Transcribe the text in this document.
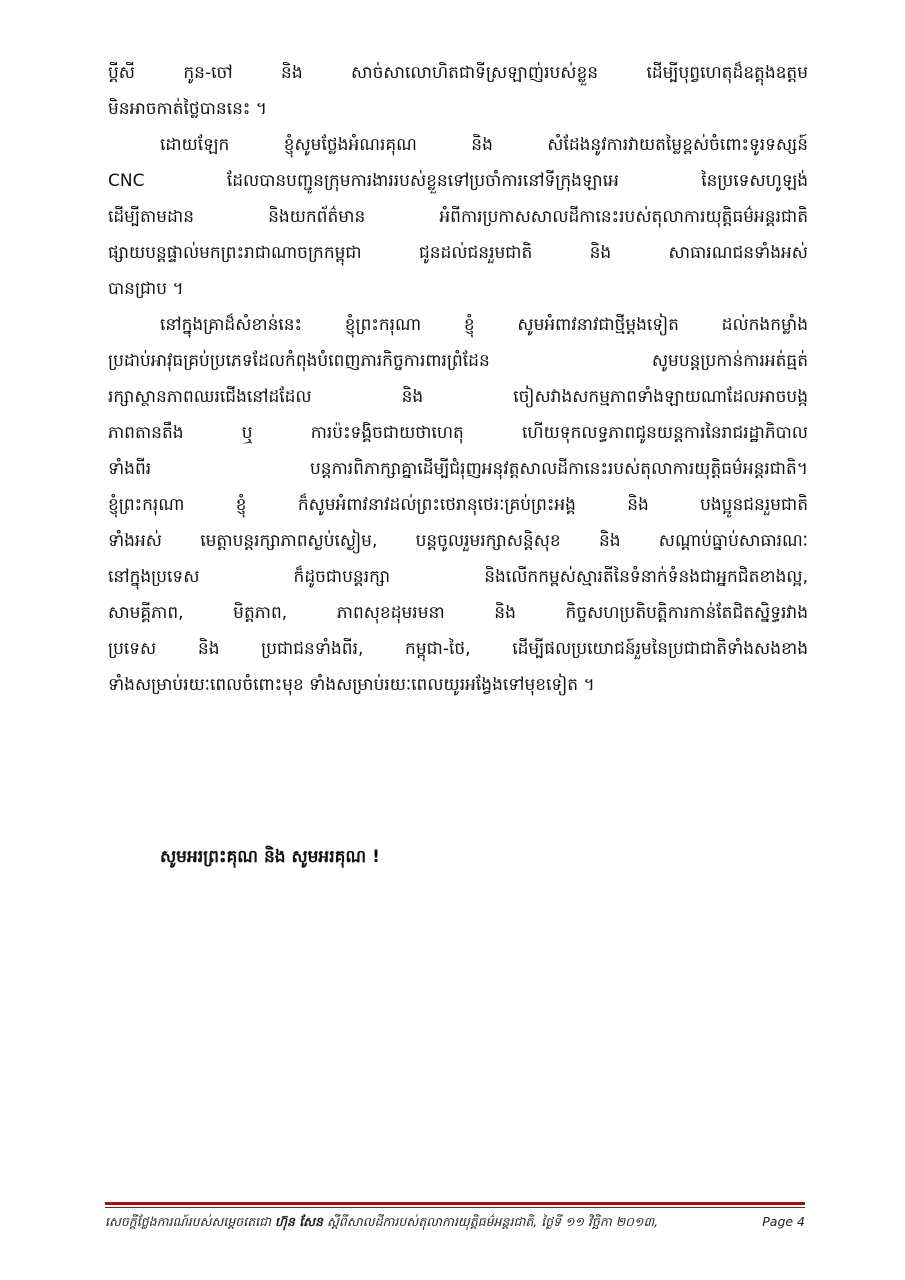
ប្តីសី កូន-ចៅ និង សាច់សាលោហិតជាទីស្រឡាញ់របស់ខ្លួន ដើម្បីបុព្វហេតុដ៏ឧត្តុងឧត្តម
មិនអាចកាត់ថ្លៃបាននេះ ។
ដោយឡែក ខ្ញុំសូមថ្លែងអំណរគុណ និង សំដែងនូវការវាយតម្លៃខ្ពស់ចំពោះទូរទស្សន៍
CNC ដែលបានបញ្ជូនក្រុមការងាររបស់ខ្លួនទៅប្រចាំការនៅទីក្រុងឡាអេ នៃប្រទេសហូឡង់
ដើម្បីតាមដាន និងយកព័ត៌មាន អំពីការប្រកាសសាលដីកានេះរបស់តុលាការយុត្តិធម៌អន្តរជាតិ
ផ្សាយបន្តផ្ទាល់មកព្រះរាជាណាចក្រកម្ពុជា ជូនដល់ជនរួមជាតិ និង សាធារណជនទាំងអស់
បានជ្រាប ។
នៅក្នុងគ្រាដ៏សំខាន់នេះ ខ្ញុំព្រះករុណា ខ្ញុំ សូមអំពាវនាវជាថ្មីម្តងទៀត ដល់កងកម្លាំង
ប្រដាប់អាវុធគ្រប់ប្រភេទដែលកំពុងបំពេញភារកិច្ចការពារព្រំដែន សូមបន្តប្រកាន់ការអត់ធ្មត់
រក្សាស្ថានភាពឈរជើងនៅដដែល និង ចៀសវាងសកម្មភាពទាំងឡាយណាដែលអាចបង្ក
ភាពតានតឹង ឬ ការប៉ះទង្គិចជាយថាហេតុ ហើយទុកលទ្ធភាពជូនយន្តការនៃរាជរដ្ឋាភិបាល
ទាំងពីរ បន្តការពិភាក្សាគ្នាដើម្បីជំរុញអនុវត្តសាលដីកានេះរបស់តុលាការយុត្តិធម៌អន្តរជាតិ។
ខ្ញុំព្រះករុណា ខ្ញុំ ក៏សូមអំពាវនាវដល់ព្រះថេរានុថេរៈគ្រប់ព្រះអង្គ និង បងប្អូនជនរួមជាតិ
ទាំងអស់ មេត្តាបន្តរក្សាភាពស្ងប់ស្ងៀម, បន្តចូលរួមរក្សាសន្តិសុខ និង សណ្តាប់ធ្នាប់សាធារណៈ
នៅក្នុងប្រទេស ក៏ដូចជាបន្តរក្សា និងលើកកម្ពស់ស្មារតីនៃទំនាក់ទំនងជាអ្នកជិតខាងល្អ,
សាមគ្គីភាព, មិត្តភាព, ភាពសុខដុមរមនា និង កិច្ចសហប្រតិបត្តិការកាន់តែជិតស្និទ្ធរវាង
ប្រទេស និង ប្រជាជនទាំងពីរ, កម្ពុជា-ថៃ, ដើម្បីផលប្រយោជន៍រួមនៃប្រជាជាតិទាំងសងខាង
ទាំងសម្រាប់រយៈពេលចំពោះមុខ ទាំងសម្រាប់រយៈពេលយូរអង្វែងទៅមុខទៀត ។
សូមអរព្រះគុណ និង សូមអរគុណ !
សេចក្តីថ្លែងការណ៍របស់សម្តេចតេជោ ហ៊ុន សែន ស្តីពីសាលដីការបស់តុលាការយុត្តិធម៌អន្តរជាតិ, ថ្ងៃទី ១១ វិច្ឆិកា ២០១៣,	Page 4
